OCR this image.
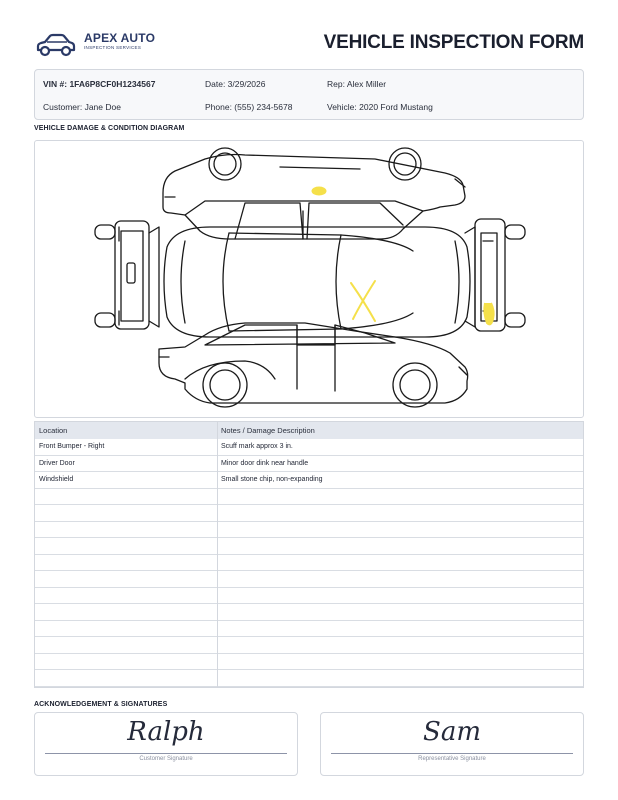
APEX AUTO
INSPECTION SERVICES	VEHICLE INSPECTION FORM
VIN #: 1FA6P8CF0H1234567	Date: 3/29/2026	Rep: Alex Miller
Customer: Jane Doe	Phone: (555) 234-5678	Vehicle: 2020 Ford Mustang
VEHICLE DAMAGE & CONDITION DIAGRAM
Location	Notes / Damage Description
Front Bumper - Right	Scuff mark approx 3 in.
Driver Door	Minor door dink near handle
Windshield	Small stone chip, non-expanding
ACKNOWLEDGEMENT & SIGNATURES
Ralph
Customer Signature
Sam
Representative Signature
